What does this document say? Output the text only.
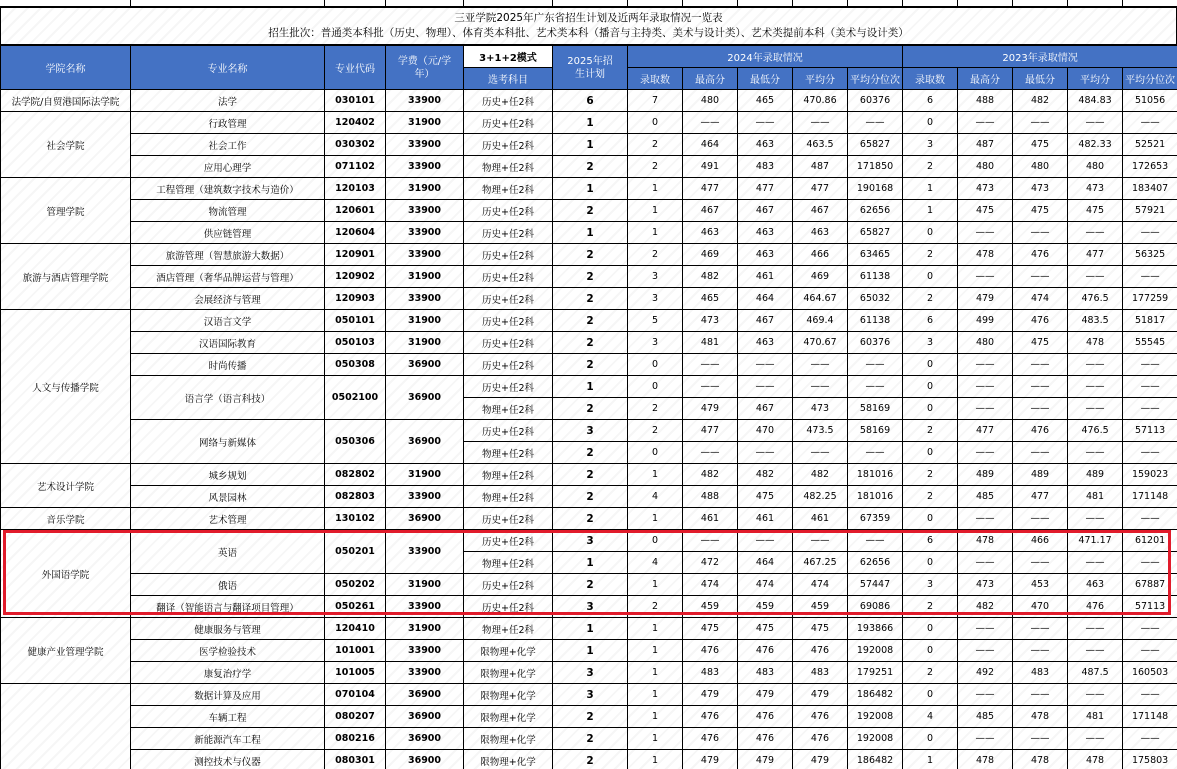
三亚学院2025年广东省招生计划及近两年录取情况一览表
招生批次：普通类本科批（历史、物理）、体育类本科批、艺术类本科（播音与主持类、美术与设计类）、艺术类提前本科（美术与设计类）
学院名称	专业名称	专业代码	学费（元/学年）	3+1+2模式	2025年招生计划	2024年录取情况					2023年录取情况				
				选考科目		录取数	最高分	最低分	平均分	平均分位次	录取数	最高分	最低分	平均分	平均分位次
法学院/自贸港国际法学院	法学	030101	33900	历史+任2科	6	7	480	465	470.86	60376	6	488	482	484.83	51056
社会学院	行政管理	120402	31900	历史+任2科	1	0	——	——	——	——	0	——	——	——	——
	社会工作	030302	33900	历史+任2科	1	2	464	463	463.5	65827	3	487	475	482.33	52521
	应用心理学	071102	33900	物理+任2科	2	2	491	483	487	171850	2	480	480	480	172653
管理学院	工程管理（建筑数字技术与造价）	120103	31900	物理+任2科	1	1	477	477	477	190168	1	473	473	473	183407
	物流管理	120601	33900	历史+任2科	2	1	467	467	467	62656	1	475	475	475	57921
	供应链管理	120604	33900	历史+任2科	1	1	463	463	463	65827	0	——	——	——	——
旅游与酒店管理学院	旅游管理（智慧旅游大数据）	120901	33900	历史+任2科	2	2	469	463	466	63465	2	478	476	477	56325
	酒店管理（奢华品牌运营与管理）	120902	31900	历史+任2科	2	3	482	461	469	61138	0	——	——	——	——
	会展经济与管理	120903	33900	历史+任2科	2	3	465	464	464.67	65032	2	479	474	476.5	177259
人文与传播学院	汉语言文学	050101	31900	历史+任2科	2	5	473	467	469.4	61138	6	499	476	483.5	51817
	汉语国际教育	050103	31900	历史+任2科	2	3	481	463	470.67	60376	3	480	475	478	55545
	时尚传播	050308	36900	历史+任2科	2	0	——	——	——	——	0	——	——	——	——
	语言学（语言科技）	0502100	36900	历史+任2科	1	0	——	——	——	——	0	——	——	——	——
				物理+任2科	2	2	479	467	473	58169	0	——	——	——	——
	网络与新媒体	050306	36900	历史+任2科	3	2	477	470	473.5	58169	2	477	476	476.5	57113
				物理+任2科	2	0	——	——	——	——	0	——	——	——	——
艺术设计学院	城乡规划	082802	31900	物理+任2科	2	1	482	482	482	181016	2	489	489	489	159023
	风景园林	082803	33900	物理+任2科	2	4	488	475	482.25	181016	2	485	477	481	171148
音乐学院	艺术管理	130102	36900	历史+任2科	2	1	461	461	461	67359	0	——	——	——	——
外国语学院	英语	050201	33900	历史+任2科	3	0	——	——	——	——	6	478	466	471.17	61201
				物理+任2科	1	4	472	464	467.25	62656	0	——	——	——	——
	俄语	050202	31900	历史+任2科	2	1	474	474	474	57447	3	473	453	463	67887
	翻译（智能语言与翻译项目管理）	050261	33900	历史+任2科	3	2	459	459	459	69086	2	482	470	476	57113
健康产业管理学院	健康服务与管理	120410	31900	物理+任2科	1	1	475	475	475	193866	0	——	——	——	——
	医学检验技术	101001	33900	限物理+化学	1	1	476	476	476	192008	0	——	——	——	——
	康复治疗学	101005	33900	限物理+化学	3	1	483	483	483	179251	2	492	483	487.5	160503
	数据计算及应用	070104	36900	限物理+化学	3	1	479	479	479	186482	0	——	——	——	——
	车辆工程	080207	36900	限物理+化学	2	1	476	476	476	192008	4	485	478	481	171148
	新能源汽车工程	080216	36900	限物理+化学	2	1	476	476	476	192008	0	——	——	——	——
	测控技术与仪器	080301	36900	限物理+化学	2	1	479	479	479	186482	1	478	478	478	175803
